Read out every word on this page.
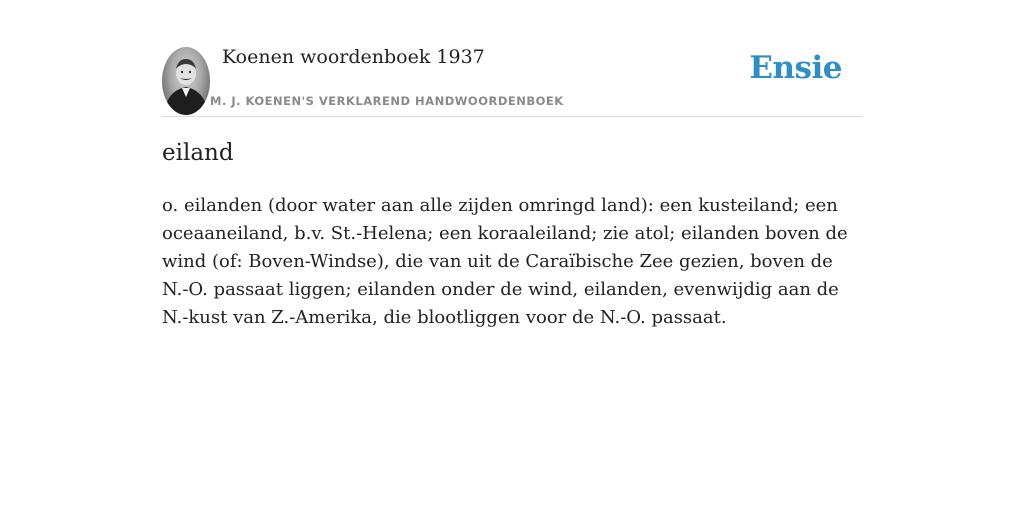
Koenen woordenboek 1937
M. J. KOENEN'S VERKLAREND HANDWOORDENBOEK
Ensie
eiland

o. eilanden (door water aan alle zijden omringd land): een kusteiland; een oceaaneiland, b.v. St.-Helena; een koraaleiland; zie atol; eilanden boven de wind (of: Boven-Windse), die van uit de Caraïbische Zee gezien, boven de N.-O. passaat liggen; eilanden onder de wind, eilanden, evenwijdig aan de N.-kust van Z.-Amerika, die blootliggen voor de N.-O. passaat.
